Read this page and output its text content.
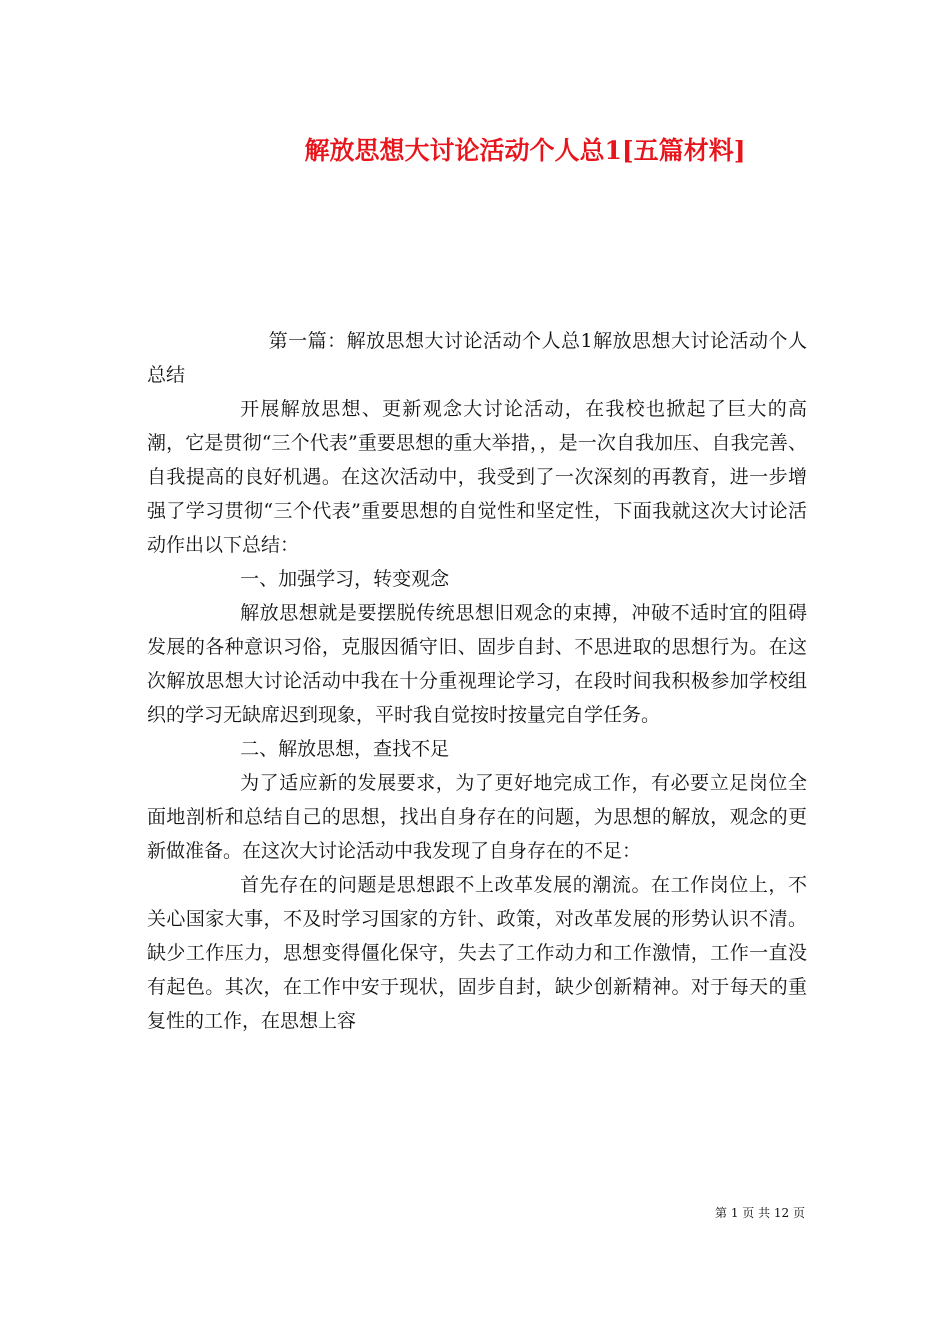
解放思想大讨论活动个人总1[五篇材料]

第一篇：解放思想大讨论活动个人总1解放思想大讨论活动个人总结

开展解放思想、更新观念大讨论活动，在我校也掀起了巨大的高潮，它是贯彻“三个代表”重要思想的重大举措，，是一次自我加压、自我完善、自我提高的良好机遇。在这次活动中，我受到了一次深刻的再教育，进一步增强了学习贯彻“三个代表”重要思想的自觉性和坚定性，下面我就这次大讨论活动作出以下总结：

一、加强学习，转变观念

解放思想就是要摆脱传统思想旧观念的束搏，冲破不适时宜的阻碍发展的各种意识习俗，克服因循守旧、固步自封、不思进取的思想行为。在这次解放思想大讨论活动中我在十分重视理论学习，在段时间我积极参加学校组织的学习无缺席迟到现象，平时我自觉按时按量完自学任务。

二、解放思想，查找不足

为了适应新的发展要求，为了更好地完成工作，有必要立足岗位全面地剖析和总结自己的思想，找出自身存在的问题，为思想的解放，观念的更新做准备。在这次大讨论活动中我发现了自身存在的不足：

首先存在的问题是思想跟不上改革发展的潮流。在工作岗位上，不关心国家大事，不及时学习国家的方针、政策，对改革发展的形势认识不清。缺少工作压力，思想变得僵化保守，失去了工作动力和工作激情，工作一直没有起色。其次，在工作中安于现状，固步自封，缺少创新精神。对于每天的重复性的工作，在思想上容

第 1 页 共 12 页
